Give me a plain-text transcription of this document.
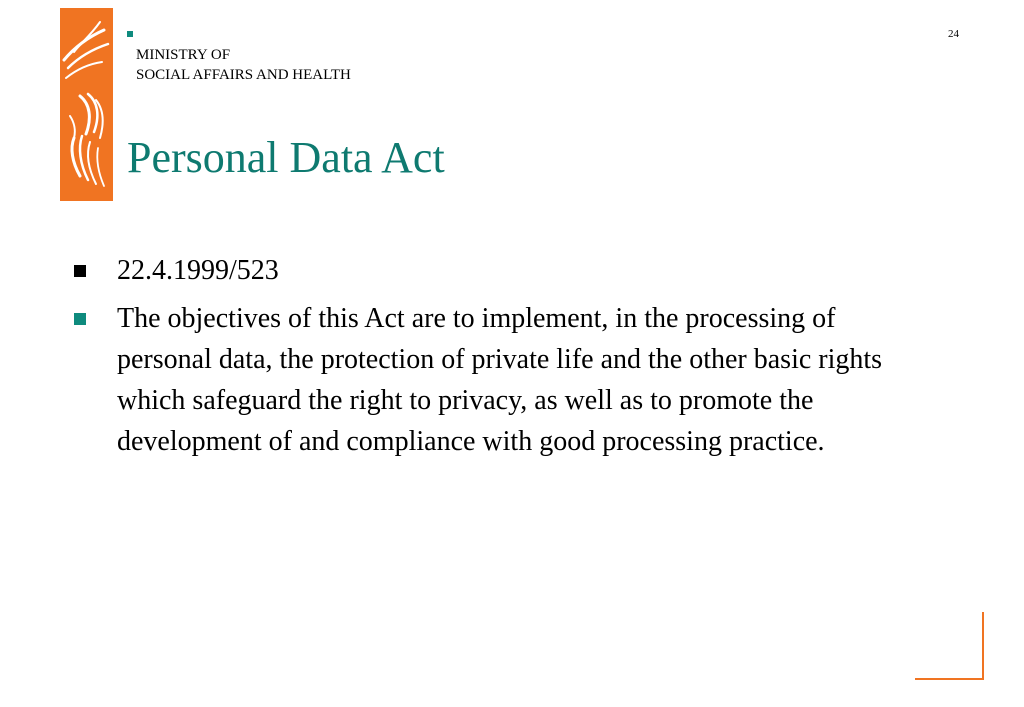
MINISTRY OF
SOCIAL AFFAIRS AND HEALTH
24
Personal Data Act
22.4.1999/523
The objectives of this Act are to implement, in the processing of personal data, the protection of private life and the other basic rights which safeguard the right to privacy, as well as to promote the development of and compliance with good processing practice.
